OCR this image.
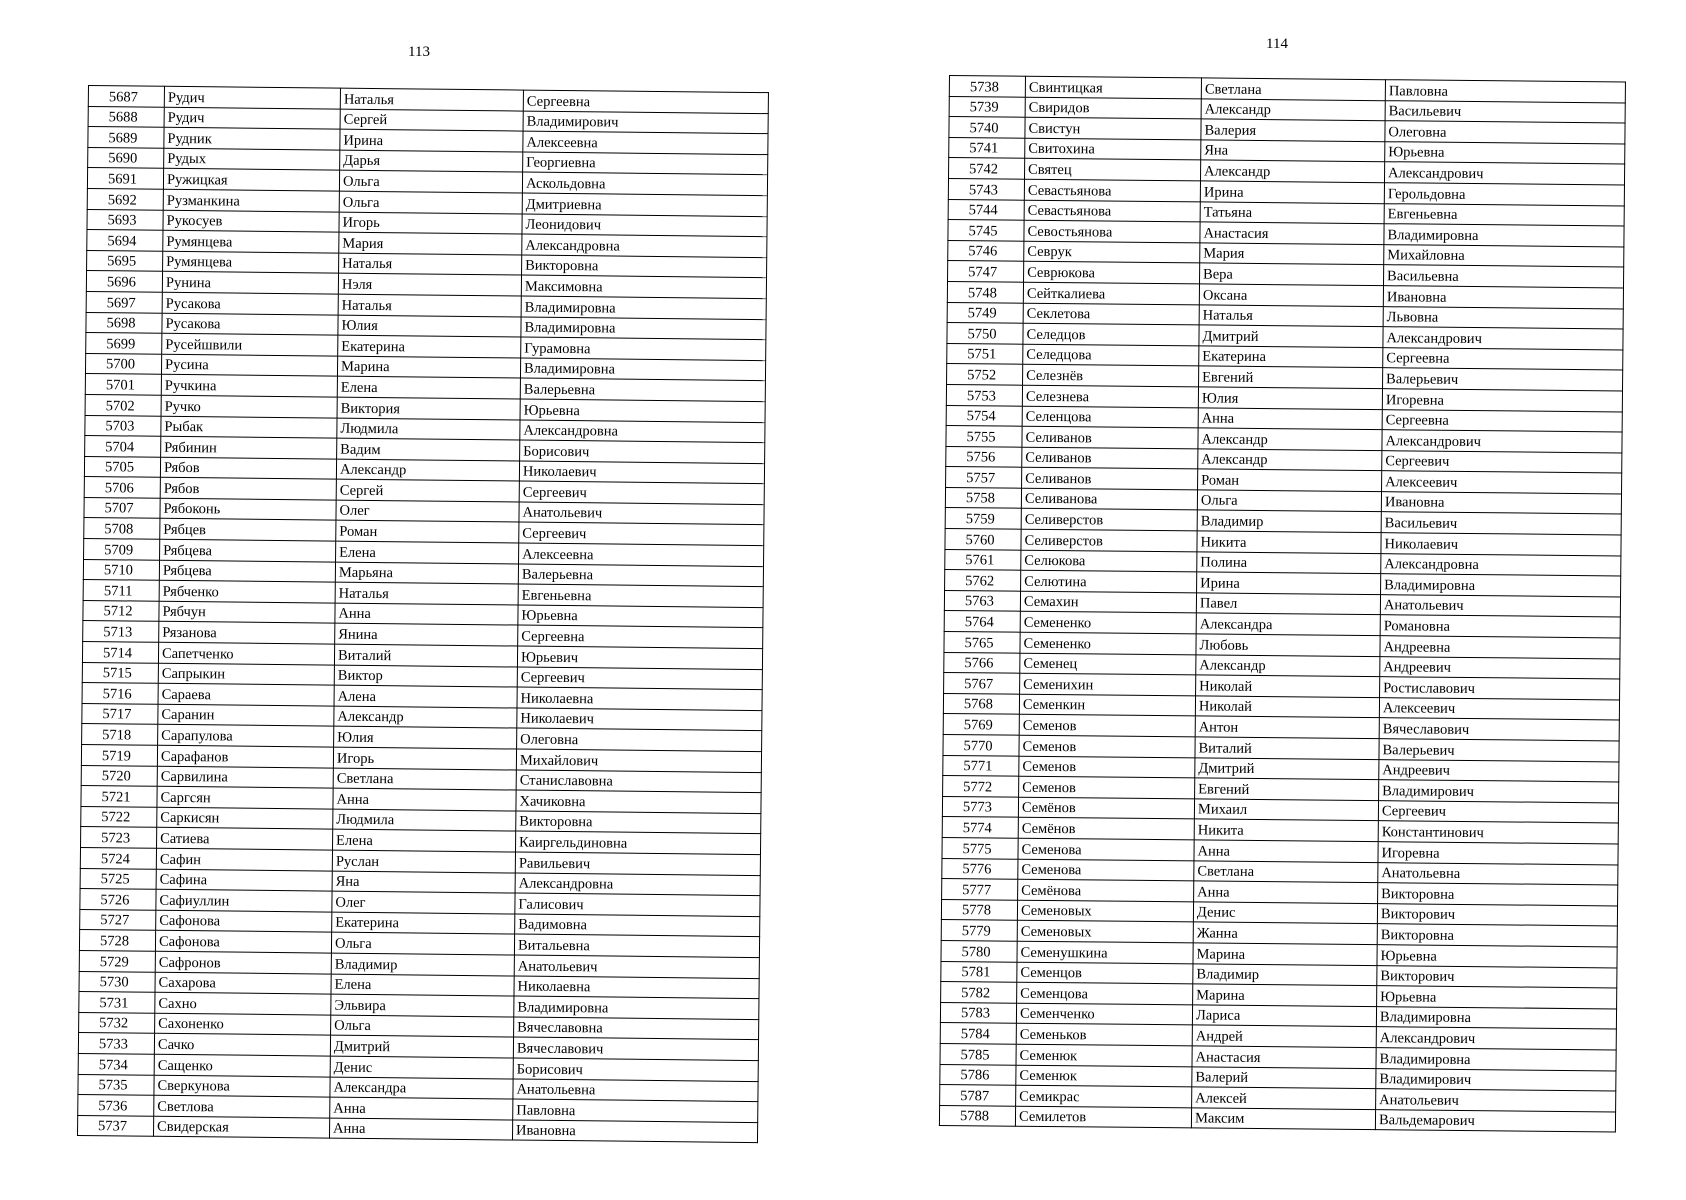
113
5687	Рудич	Наталья	Сергеевна
5688	Рудич	Сергей	Владимирович
5689	Рудник	Ирина	Алексеевна
5690	Рудых	Дарья	Георгиевна
5691	Ружицкая	Ольга	Аскольдовна
5692	Рузманкина	Ольга	Дмитриевна
5693	Рукосуев	Игорь	Леонидович
5694	Румянцева	Мария	Александровна
5695	Румянцева	Наталья	Викторовна
5696	Рунина	Нэля	Максимовна
5697	Русакова	Наталья	Владимировна
5698	Русакова	Юлия	Владимировна
5699	Русейшвили	Екатерина	Гурамовна
5700	Русина	Марина	Владимировна
5701	Ручкина	Елена	Валерьевна
5702	Ручко	Виктория	Юрьевна
5703	Рыбак	Людмила	Александровна
5704	Рябинин	Вадим	Борисович
5705	Рябов	Александр	Николаевич
5706	Рябов	Сергей	Сергеевич
5707	Рябоконь	Олег	Анатольевич
5708	Рябцев	Роман	Сергеевич
5709	Рябцева	Елена	Алексеевна
5710	Рябцева	Марьяна	Валерьевна
5711	Рябченко	Наталья	Евгеньевна
5712	Рябчун	Анна	Юрьевна
5713	Рязанова	Янина	Сергеевна
5714	Сапетченко	Виталий	Юрьевич
5715	Сапрыкин	Виктор	Сергеевич
5716	Сараева	Алена	Николаевна
5717	Саранин	Александр	Николаевич
5718	Сарапулова	Юлия	Олеговна
5719	Сарафанов	Игорь	Михайлович
5720	Сарвилина	Светлана	Станиславовна
5721	Саргсян	Анна	Хачиковна
5722	Саркисян	Людмила	Викторовна
5723	Сатиева	Елена	Каиргельдиновна
5724	Сафин	Руслан	Равильевич
5725	Сафина	Яна	Александровна
5726	Сафиуллин	Олег	Галисович
5727	Сафонова	Екатерина	Вадимовна
5728	Сафонова	Ольга	Витальевна
5729	Сафронов	Владимир	Анатольевич
5730	Сахарова	Елена	Николаевна
5731	Сахно	Эльвира	Владимировна
5732	Сахоненко	Ольга	Вячеславовна
5733	Сачко	Дмитрий	Вячеславович
5734	Сащенко	Денис	Борисович
5735	Сверкунова	Александра	Анатольевна
5736	Светлова	Анна	Павловна
5737	Свидерская	Анна	Ивановна
114
5738	Свинтицкая	Светлана	Павловна
5739	Свиридов	Александр	Васильевич
5740	Свистун	Валерия	Олеговна
5741	Свитохина	Яна	Юрьевна
5742	Святец	Александр	Александрович
5743	Севастьянова	Ирина	Герольдовна
5744	Севастьянова	Татьяна	Евгеньевна
5745	Севостьянова	Анастасия	Владимировна
5746	Севрук	Мария	Михайловна
5747	Севрюкова	Вера	Васильевна
5748	Сейткалиева	Оксана	Ивановна
5749	Секлетова	Наталья	Львовна
5750	Селедцов	Дмитрий	Александрович
5751	Селедцова	Екатерина	Сергеевна
5752	Селезнёв	Евгений	Валерьевич
5753	Селезнева	Юлия	Игоревна
5754	Селенцова	Анна	Сергеевна
5755	Селиванов	Александр	Александрович
5756	Селиванов	Александр	Сергеевич
5757	Селиванов	Роман	Алексеевич
5758	Селиванова	Ольга	Ивановна
5759	Селиверстов	Владимир	Васильевич
5760	Селиверстов	Никита	Николаевич
5761	Селюкова	Полина	Александровна
5762	Селютина	Ирина	Владимировна
5763	Семахин	Павел	Анатольевич
5764	Семененко	Александра	Романовна
5765	Семененко	Любовь	Андреевна
5766	Семенец	Александр	Андреевич
5767	Семенихин	Николай	Ростиславович
5768	Семенкин	Николай	Алексеевич
5769	Семенов	Антон	Вячеславович
5770	Семенов	Виталий	Валерьевич
5771	Семенов	Дмитрий	Андреевич
5772	Семенов	Евгений	Владимирович
5773	Семёнов	Михаил	Сергеевич
5774	Семёнов	Никита	Константинович
5775	Семенова	Анна	Игоревна
5776	Семенова	Светлана	Анатольевна
5777	Семёнова	Анна	Викторовна
5778	Семеновых	Денис	Викторович
5779	Семеновых	Жанна	Викторовна
5780	Семенушкина	Марина	Юрьевна
5781	Семенцов	Владимир	Викторович
5782	Семенцова	Марина	Юрьевна
5783	Семенченко	Лариса	Владимировна
5784	Семеньков	Андрей	Александрович
5785	Семенюк	Анастасия	Владимировна
5786	Семенюк	Валерий	Владимирович
5787	Семикрас	Алексей	Анатольевич
5788	Семилетов	Максим	Вальдемарович
